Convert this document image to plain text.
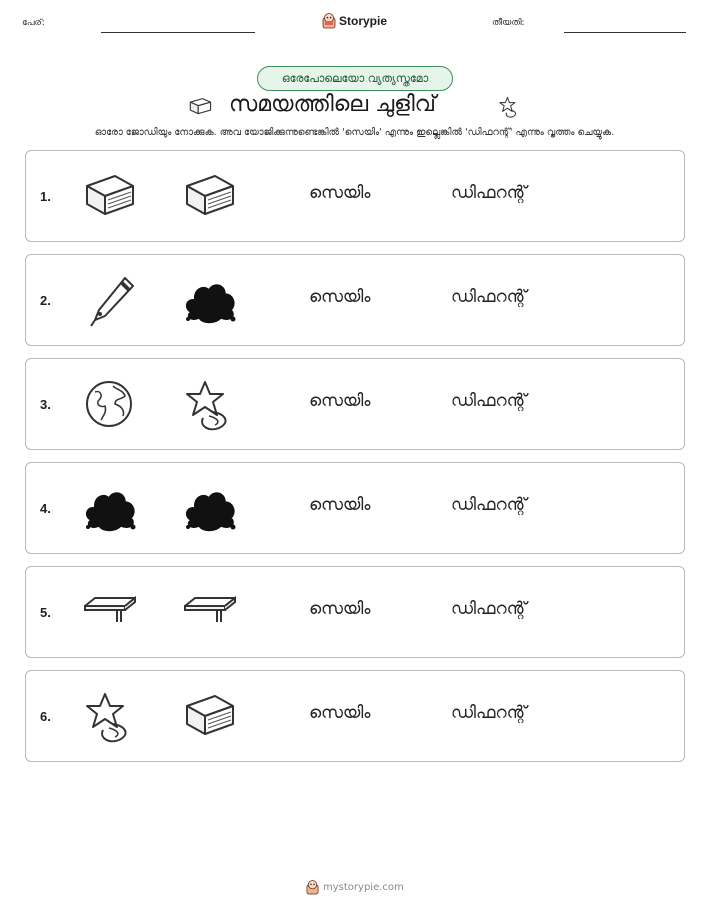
പേര്:	Storypie	തീയതി:
ഒരേപോലെയോ വ്യത്യസ്തമോ
സമയത്തിലെ ചുളിവ്
ഓരോ ജോഡിയും നോക്കുക. അവ യോജിക്കുന്നുണ്ടെങ്കിൽ 'സെയിം' എന്നും ഇല്ലെങ്കിൽ 'ഡിഫറന്റ്' എന്നും വൃത്തം ചെയ്യുക.
1.	സെയിം	ഡിഫറന്റ്
2.	സെയിം	ഡിഫറന്റ്
3.	സെയിം	ഡിഫറന്റ്
4.	സെയിം	ഡിഫറന്റ്
5.	സെയിം	ഡിഫറന്റ്
6.	സെയിം	ഡിഫറന്റ്
mystorypie.com
